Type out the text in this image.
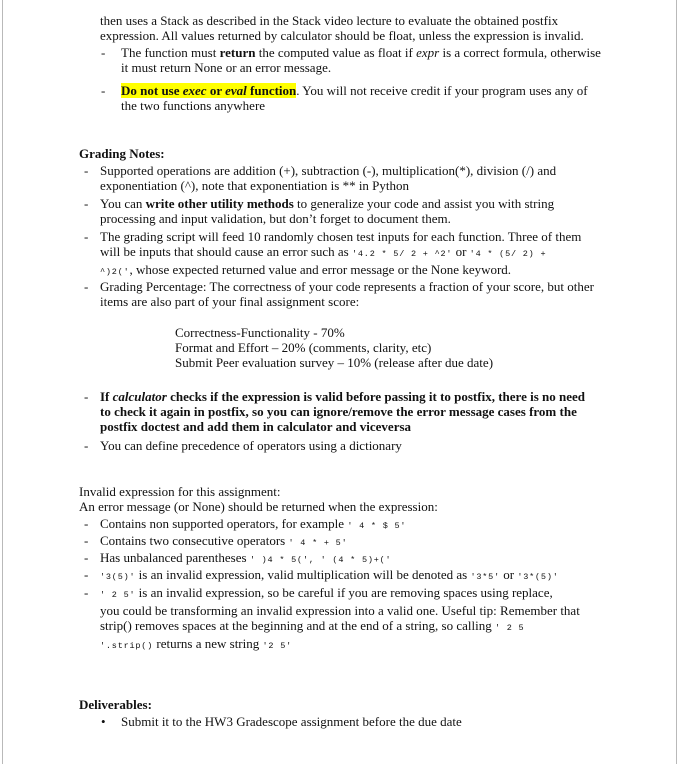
then uses a Stack as described in the Stack video lecture to evaluate the obtained postfix
expression. All values returned by calculator should be float, unless the expression is invalid.
- The function must return the computed value as float if expr is a correct formula, otherwise
it must return None or an error message.
- Do not use exec or eval function. You will not receive credit if your program uses any of
the two functions anywhere
Grading Notes:
- Supported operations are addition (+), subtraction (-), multiplication(*), division (/) and
exponentiation (^), note that exponentiation is ** in Python
- You can write other utility methods to generalize your code and assist you with string
processing and input validation, but don’t forget to document them.
- The grading script will feed 10 randomly chosen test inputs for each function. Three of them
will be inputs that should cause an error such as '4.2 * 5/ 2 + ^2' or '4 * (5/ 2) +
^)2(', whose expected returned value and error message or the None keyword.
- Grading Percentage: The correctness of your code represents a fraction of your score, but other
items are also part of your final assignment score:
Correctness-Functionality - 70%
Format and Effort – 20% (comments, clarity, etc)
Submit Peer evaluation survey – 10% (release after due date)
- If calculator checks if the expression is valid before passing it to postfix, there is no need
to check it again in postfix, so you can ignore/remove the error message cases from the
postfix doctest and add them in calculator and viceversa
- You can define precedence of operators using a dictionary
Invalid expression for this assignment:
An error message (or None) should be returned when the expression:
- Contains non supported operators, for example ' 4 * $ 5'
- Contains two consecutive operators ' 4 * + 5'
- Has unbalanced parentheses ' )4 * 5(', ' (4 * 5)+('
- '3(5)' is an invalid expression, valid multiplication will be denoted as '3*5' or '3*(5)'
- ' 2 5' is an invalid expression, so be careful if you are removing spaces using replace,
you could be transforming an invalid expression into a valid one. Useful tip: Remember that
strip() removes spaces at the beginning and at the end of a string, so calling ' 2 5
'.strip() returns a new string '2 5'
Deliverables:
• Submit it to the HW3 Gradescope assignment before the due date
